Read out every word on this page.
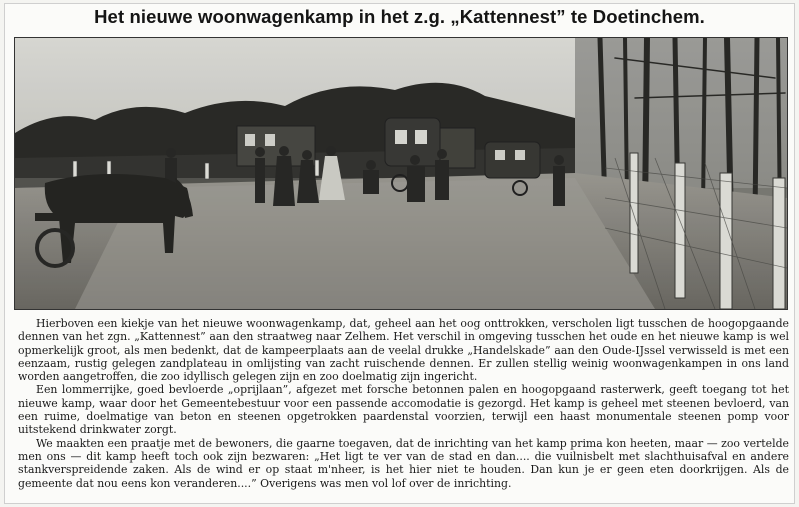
Het nieuwe woonwagenkamp in het z.g. „Kattennest” te Doetinchem.

Hierboven een kiekje van het nieuwe woonwagenkamp, dat, geheel aan het oog onttrokken, verscholen ligt tusschen de hoogopgaande dennen van het zgn. „Kattennest” aan den straatweg naar Zelhem. Het verschil in omgeving tusschen het oude en het nieuwe kamp is wel opmerkelijk groot, als men bedenkt, dat de kampeerplaats aan de veelal drukke „Handelskade” aan den Oude-IJssel verwisseld is met een eenzaam, rustig gelegen zandplateau in omlijsting van zacht ruischende dennen. Er zullen stellig weinig woonwagenkampen in ons land worden aangetroffen, die zoo idyllisch gelegen zijn en zoo doelmatig zijn ingericht.

Een lommerrijke, goed bevloerde „oprijlaan”, afgezet met forsche betonnen palen en hoogopgaand rasterwerk, geeft toegang tot het nieuwe kamp, waar door het Gemeentebestuur voor een passende accomodatie is gezorgd. Het kamp is geheel met steenen bevloerd, van een ruime, doelmatige van beton en steenen opgetrokken paardenstal voorzien, terwijl een haast monumentale steenen pomp voor uitstekend drinkwater zorgt.

We maakten een praatje met de bewoners, die gaarne toegaven, dat de inrichting van het kamp prima kon heeten, maar — zoo vertelde men ons — dit kamp heeft toch ook zijn bezwaren: „Het ligt te ver van de stad en dan.... die vuilnisbelt met slachthuisafval en andere stankverspreidende zaken. Als de wind er op staat m'nheer, is het hier niet te houden. Dan kun je er geen eten doorkrijgen. Als de gemeente dat nou eens kon veranderen....” Overigens was men vol lof over de inrichting.
